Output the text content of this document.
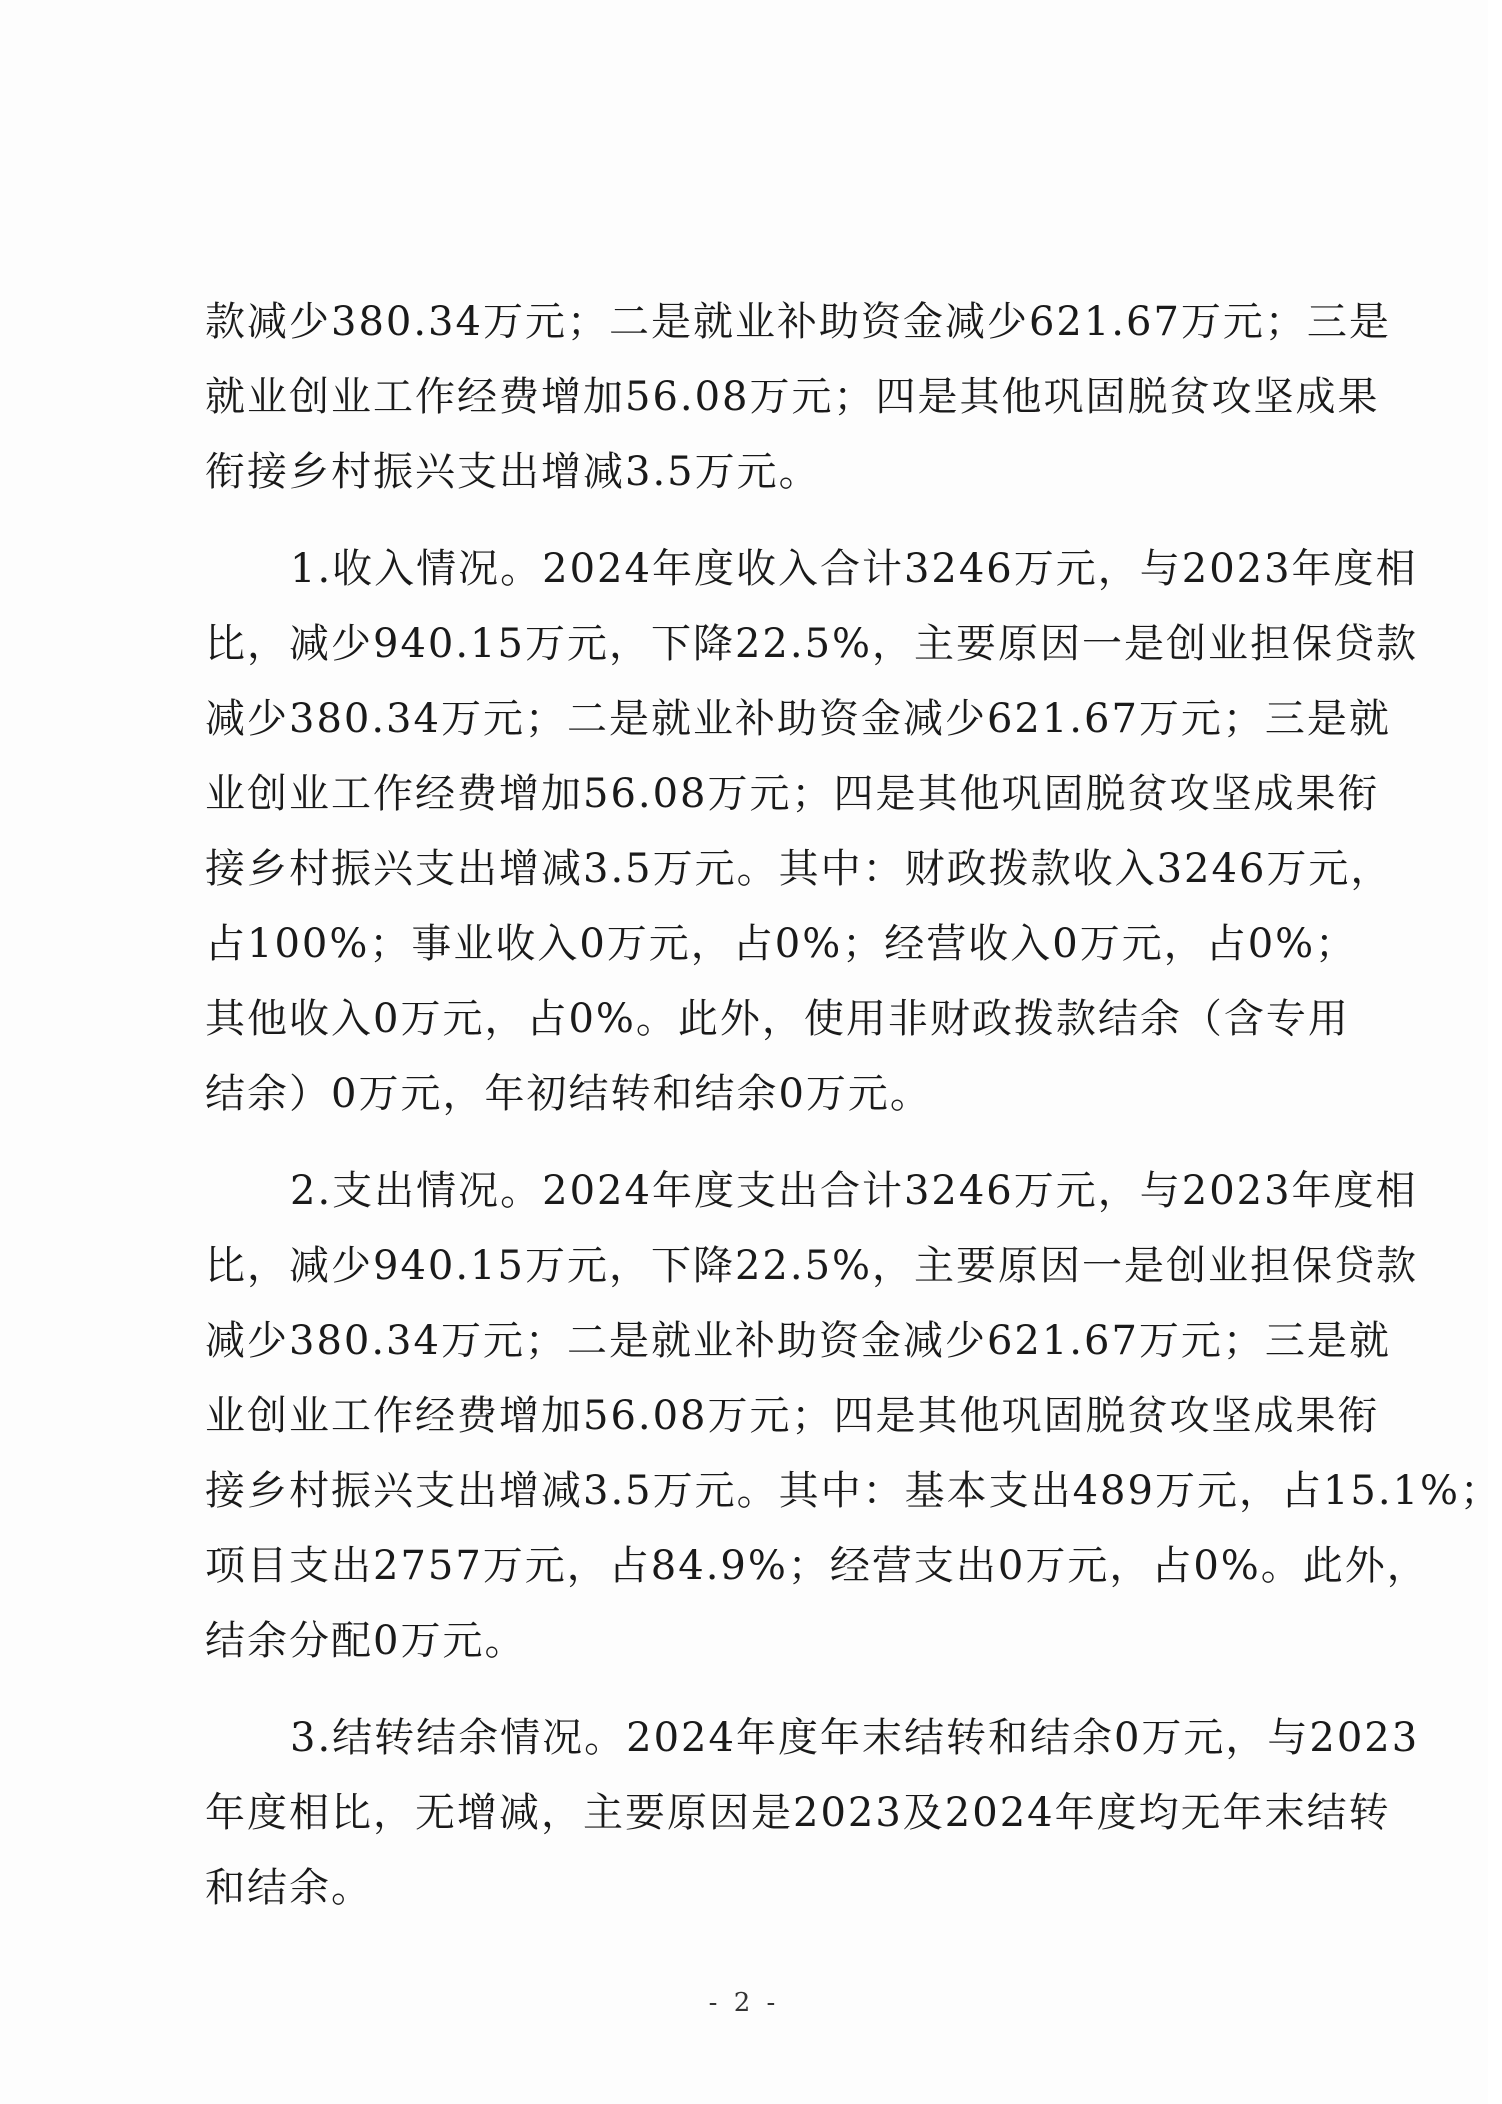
款减少380.34万元；二是就业补助资金减少621.67万元；三是
就业创业工作经费增加56.08万元；四是其他巩固脱贫攻坚成果
衔接乡村振兴支出增减3.5万元。
1.收入情况。2024年度收入合计3246万元，与2023年度相
比，减少940.15万元，下降22.5%，主要原因一是创业担保贷款
减少380.34万元；二是就业补助资金减少621.67万元；三是就
业创业工作经费增加56.08万元；四是其他巩固脱贫攻坚成果衔
接乡村振兴支出增减3.5万元。其中：财政拨款收入3246万元，
占100%；事业收入0万元，占0%；经营收入0万元，占0%；
其他收入0万元，占0%。此外，使用非财政拨款结余（含专用
结余）0万元，年初结转和结余0万元。
2.支出情况。2024年度支出合计3246万元，与2023年度相
比，减少940.15万元，下降22.5%，主要原因一是创业担保贷款
减少380.34万元；二是就业补助资金减少621.67万元；三是就
业创业工作经费增加56.08万元；四是其他巩固脱贫攻坚成果衔
接乡村振兴支出增减3.5万元。其中：基本支出489万元，占15.1%；
项目支出2757万元，占84.9%；经营支出0万元，占0%。此外，
结余分配0万元。
3.结转结余情况。2024年度年末结转和结余0万元，与2023
年度相比，无增减，主要原因是2023及2024年度均无年末结转
和结余。
- 2 -
